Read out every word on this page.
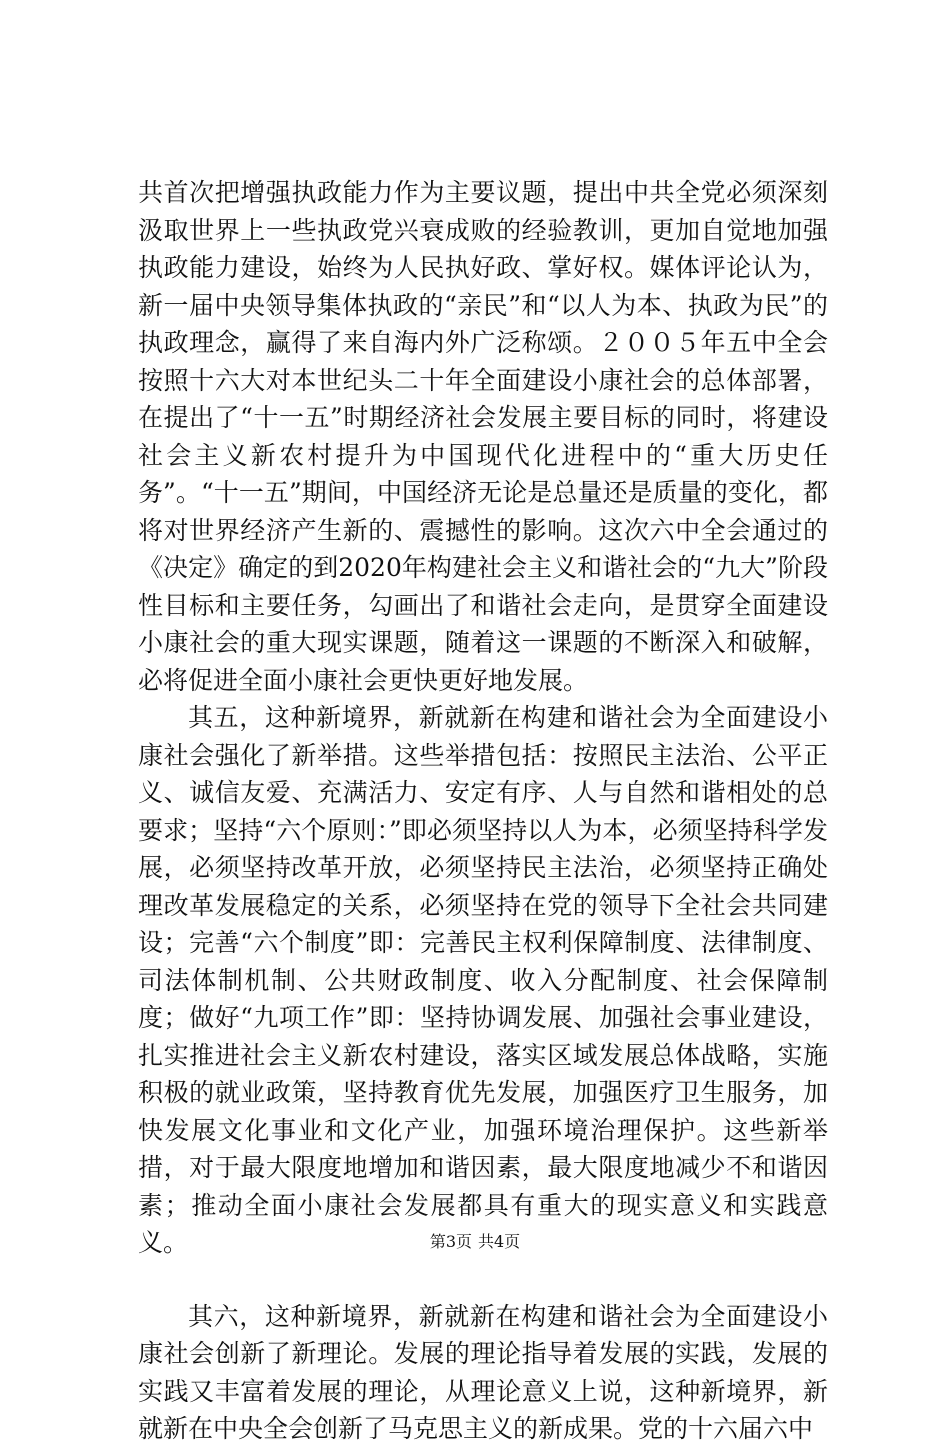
共首次把增强执政能力作为主要议题，提出中共全党必须深刻汲取世界上一些执政党兴衰成败的经验教训，更加自觉地加强执政能力建设，始终为人民执好政、掌好权。媒体评论认为，新一届中央领导集体执政的“亲民”和“以人为本、执政为民”的执政理念，赢得了来自海内外广泛称颂。２００５年五中全会按照十六大对本世纪头二十年全面建设小康社会的总体部署，在提出了“十一五”时期经济社会发展主要目标的同时，将建设社会主义新农村提升为中国现代化进程中的“重大历史任务”。“十一五”期间，中国经济无论是总量还是质量的变化，都将对世界经济产生新的、震撼性的影响。这次六中全会通过的《决定》确定的到2020年构建社会主义和谐社会的“九大”阶段性目标和主要任务，勾画出了和谐社会走向，是贯穿全面建设小康社会的重大现实课题，随着这一课题的不断深入和破解，必将促进全面小康社会更快更好地发展。

其五，这种新境界，新就新在构建和谐社会为全面建设小康社会强化了新举措。这些举措包括：按照民主法治、公平正义、诚信友爱、充满活力、安定有序、人与自然和谐相处的总要求；坚持“六个原则：”即必须坚持以人为本，必须坚持科学发展，必须坚持改革开放，必须坚持民主法治，必须坚持正确处理改革发展稳定的关系，必须坚持在党的领导下全社会共同建设；完善“六个制度”即：完善民主权利保障制度、法律制度、司法体制机制、公共财政制度、收入分配制度、社会保障制度；做好“九项工作”即：坚持协调发展、加强社会事业建设，扎实推进社会主义新农村建设，落实区域发展总体战略，实施积极的就业政策，坚持教育优先发展，加强医疗卫生服务，加快发展文化事业和文化产业，加强环境治理保护。这些新举措，对于最大限度地增加和谐因素，最大限度地减少不和谐因素；推动全面小康社会发展都具有重大的现实意义和实践意义。

其六，这种新境界，新就新在构建和谐社会为全面建设小康社会创新了新理论。发展的理论指导着发展的实践，发展的实践又丰富着发展的理论，从理论意义上说，这种新境界，新就新在中央全会创新了马克思主义的新成果。党的十六届六中

第3页 共4页
